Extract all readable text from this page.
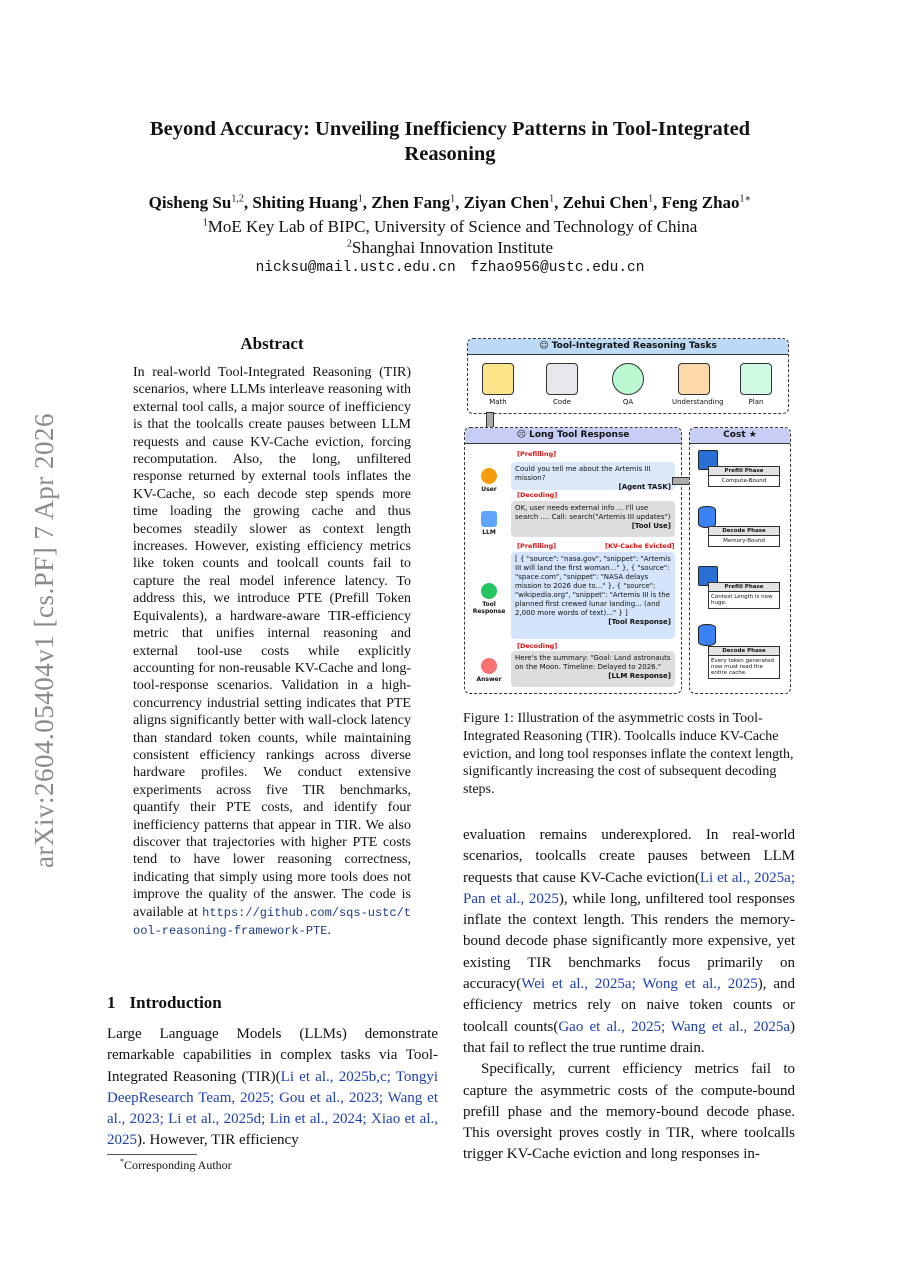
arXiv:2604.05404v1 [cs.PF] 7 Apr 2026
Beyond Accuracy: Unveiling Inefficiency Patterns in Tool-Integrated Reasoning
Qisheng Su$^{1,2}$, Shiting Huang$^1$, Zhen Fang$^1$, Ziyan Chen$^1$, Zehui Chen$^1$, Feng Zhao$^{1∗}$
$^1$MoE Key Lab of BIPC, University of Science and Technology of China
$^2$Shanghai Innovation Institute
nicksu@mail.ustc.edu.cn fzhao956@ustc.edu.cn
Abstract

In real-world Tool-Integrated Reasoning (TIR) scenarios, where LLMs interleave reasoning with external tool calls, a major source of inefficiency is that the toolcalls create pauses between LLM requests and cause KV-Cache eviction, forcing recomputation. Also, the long, unfiltered response returned by external tools inflates the KV-Cache, so each decode step spends more time loading the growing cache and thus becomes steadily slower as context length increases. However, existing efficiency metrics like token counts and toolcall counts fail to capture the real model inference latency. To address this, we introduce PTE (Prefill Token Equivalents), a hardware-aware TIR-efficiency metric that unifies internal reasoning and external tool-use costs while explicitly accounting for non-reusable KV-Cache and long-tool-response scenarios. Validation in a high-concurrency industrial setting indicates that PTE aligns significantly better with wall-clock latency than standard token counts, while maintaining consistent efficiency rankings across diverse hardware profiles. We conduct extensive experiments across five TIR benchmarks, quantify their PTE costs, and identify four inefficiency patterns that appear in TIR. We also discover that trajectories with higher PTE costs tend to have lower reasoning correctness, indicating that simply using more tools does not improve the quality of the answer. The code is available at https://github.com/sqs-ustc/tool-reasoning-framework-PTE.

1 Introduction

Large Language Models (LLMs) demonstrate remarkable capabilities in complex tasks via Tool-Integrated Reasoning (TIR)(Li et al., 2025b,c; Tongyi DeepResearch Team, 2025; Gou et al., 2023; Wang et al., 2023; Li et al., 2025d; Lin et al., 2024; Xiao et al., 2025). However, TIR efficiency

*Corresponding Author
☺ Tool-Integrated Reasoning Tasks
Math	Code	QA	Understanding	Plan
☹ Long Tool Response
[Prefilling]
User
Could you tell me about the Artemis III mission?
[Agent TASK]
[Decoding]
LLM
OK, user needs external info ... I'll use search .... Call: search("Artemis III updates")
[Tool Use]
[Prefilling]	[KV-Cache Evicted]
Tool Response
[ { "source": "nasa.gov", "snippet": "Artemis III will land the first woman..." }, { "source": "space.com", "snippet": "NASA delays mission to 2026 due to..." }, { "source": "wikipedia.org", "snippet": "Artemis III is the planned first crewed lunar landing... (and 2,000 more words of text)..." } ]
[Tool Response]
[Decoding]
Answer
Here's the summary: "Goal: Land astronauts on the Moon. Timeline: Delayed to 2026."
[LLM Response]
Cost ★
Prefill Phase
Compute-Bound
Decode Phase
Memory-Bound
Prefill Phase
Context Length is now huge.
Decode Phase
Every token generated now must read the entire cache.

Figure 1: Illustration of the asymmetric costs in Tool-Integrated Reasoning (TIR). Toolcalls induce KV-Cache eviction, and long tool responses inflate the context length, significantly increasing the cost of subsequent decoding steps.

evaluation remains underexplored. In real-world scenarios, toolcalls create pauses between LLM requests that cause KV-Cache eviction(Li et al., 2025a; Pan et al., 2025), while long, unfiltered tool responses inflate the context length. This renders the memory-bound decode phase significantly more expensive, yet existing TIR benchmarks focus primarily on accuracy(Wei et al., 2025a; Wong et al., 2025), and efficiency metrics rely on naive token counts or toolcall counts(Gao et al., 2025; Wang et al., 2025a) that fail to reflect the true runtime drain.
Specifically, current efficiency metrics fail to capture the asymmetric costs of the compute-bound prefill phase and the memory-bound decode phase. This oversight proves costly in TIR, where toolcalls trigger KV-Cache eviction and long responses in-
